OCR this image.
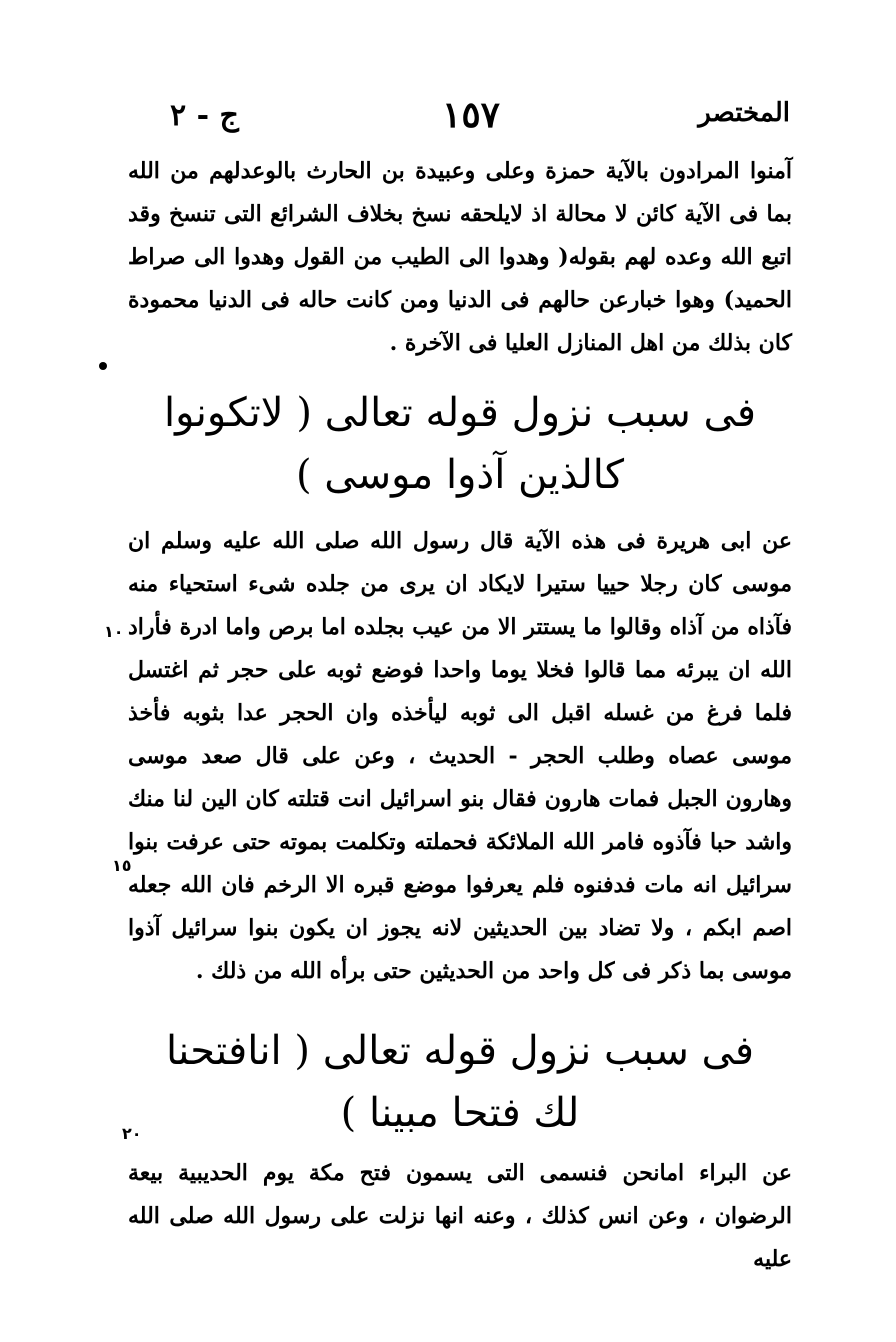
المختصر
١٥٧
ج - ٢
آمنوا المرادون بالآية حمزة وعلى وعبيدة بن الحارث بالوعدلهم من الله بما فى الآية كائن لا محالة اذ لايلحقه نسخ بخلاف الشرائع التى تنسخ وقد اتبع الله وعده لهم بقوله( وهدوا الى الطيب من القول وهدوا الى صراط الحميد) وهوا خبارعن حالهم فى الدنيا ومن كانت حاله فى الدنيا محمودة كان بذلك من اهل المنازل العليا فى الآخرة .
فى سبب نزول قوله تعالى ( لاتكونوا كالذين آذوا موسى )
عن ابى هريرة فى هذه الآية قال رسول الله صلى الله عليه وسلم ان موسى كان رجلا حييا ستيرا لايكاد ان يرى من جلده شىء استحياء منه فآذاه من آذاه وقالوا ما يستتر الا من عيب بجلده اما برص واما ادرة فأراد الله ان يبرئه مما قالوا فخلا يوما واحدا فوضع ثوبه على حجر ثم اغتسل فلما فرغ من غسله اقبل الى ثوبه ليأخذه وان الحجر عدا بثوبه فأخذ موسى عصاه وطلب الحجر - الحديث ، وعن على قال صعد موسى وهارون الجبل فمات هارون فقال بنو اسرائيل انت قتلته كان الين لنا منك واشد حبا فآذوه فامر الله الملائكة فحملته وتكلمت بموته حتى عرفت بنوا سرائيل انه مات فدفنوه فلم يعرفوا موضع قبره الا الرخم فان الله جعله اصم ابكم ، ولا تضاد بين الحديثين لانه يجوز ان يكون بنوا سرائيل آذوا موسى بما ذكر فى كل واحد من الحديثين حتى برأه الله من ذلك .
١٠
١٥
فى سبب نزول قوله تعالى ( انافتحنا لك فتحا مبينا )
٢٠
عن البراء امانحن فنسمى التى يسمون فتح مكة يوم الحديبية بيعة الرضوان ، وعن انس كذلك ، وعنه انها نزلت على رسول الله صلى الله عليه
